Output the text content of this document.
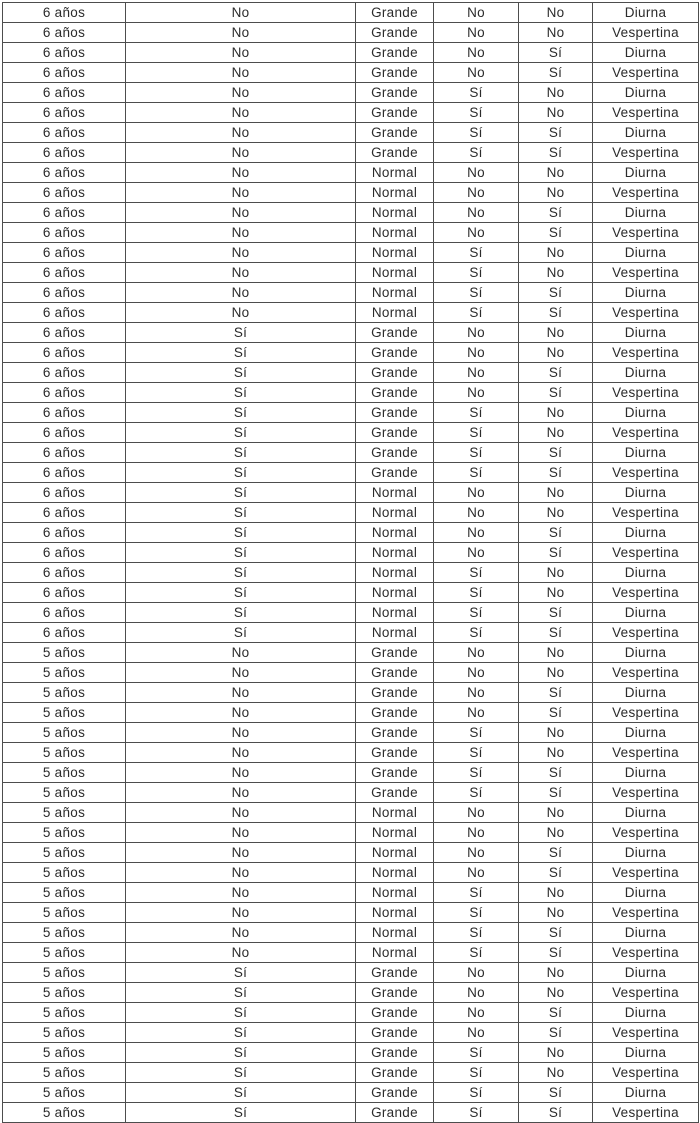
6 años	No	Grande	No	No	Diurna
6 años	No	Grande	No	No	Vespertina
6 años	No	Grande	No	Sí	Diurna
6 años	No	Grande	No	Sí	Vespertina
6 años	No	Grande	Sí	No	Diurna
6 años	No	Grande	Sí	No	Vespertina
6 años	No	Grande	Sí	Sí	Diurna
6 años	No	Grande	Sí	Sí	Vespertina
6 años	No	Normal	No	No	Diurna
6 años	No	Normal	No	No	Vespertina
6 años	No	Normal	No	Sí	Diurna
6 años	No	Normal	No	Sí	Vespertina
6 años	No	Normal	Sí	No	Diurna
6 años	No	Normal	Sí	No	Vespertina
6 años	No	Normal	Sí	Sí	Diurna
6 años	No	Normal	Sí	Sí	Vespertina
6 años	Sí	Grande	No	No	Diurna
6 años	Sí	Grande	No	No	Vespertina
6 años	Sí	Grande	No	Sí	Diurna
6 años	Sí	Grande	No	Sí	Vespertina
6 años	Sí	Grande	Sí	No	Diurna
6 años	Sí	Grande	Sí	No	Vespertina
6 años	Sí	Grande	Sí	Sí	Diurna
6 años	Sí	Grande	Sí	Sí	Vespertina
6 años	Sí	Normal	No	No	Diurna
6 años	Sí	Normal	No	No	Vespertina
6 años	Sí	Normal	No	Sí	Diurna
6 años	Sí	Normal	No	Sí	Vespertina
6 años	Sí	Normal	Sí	No	Diurna
6 años	Sí	Normal	Sí	No	Vespertina
6 años	Sí	Normal	Sí	Sí	Diurna
6 años	Sí	Normal	Sí	Sí	Vespertina
5 años	No	Grande	No	No	Diurna
5 años	No	Grande	No	No	Vespertina
5 años	No	Grande	No	Sí	Diurna
5 años	No	Grande	No	Sí	Vespertina
5 años	No	Grande	Sí	No	Diurna
5 años	No	Grande	Sí	No	Vespertina
5 años	No	Grande	Sí	Sí	Diurna
5 años	No	Grande	Sí	Sí	Vespertina
5 años	No	Normal	No	No	Diurna
5 años	No	Normal	No	No	Vespertina
5 años	No	Normal	No	Sí	Diurna
5 años	No	Normal	No	Sí	Vespertina
5 años	No	Normal	Sí	No	Diurna
5 años	No	Normal	Sí	No	Vespertina
5 años	No	Normal	Sí	Sí	Diurna
5 años	No	Normal	Sí	Sí	Vespertina
5 años	Sí	Grande	No	No	Diurna
5 años	Sí	Grande	No	No	Vespertina
5 años	Sí	Grande	No	Sí	Diurna
5 años	Sí	Grande	No	Sí	Vespertina
5 años	Sí	Grande	Sí	No	Diurna
5 años	Sí	Grande	Sí	No	Vespertina
5 años	Sí	Grande	Sí	Sí	Diurna
5 años	Sí	Grande	Sí	Sí	Vespertina
